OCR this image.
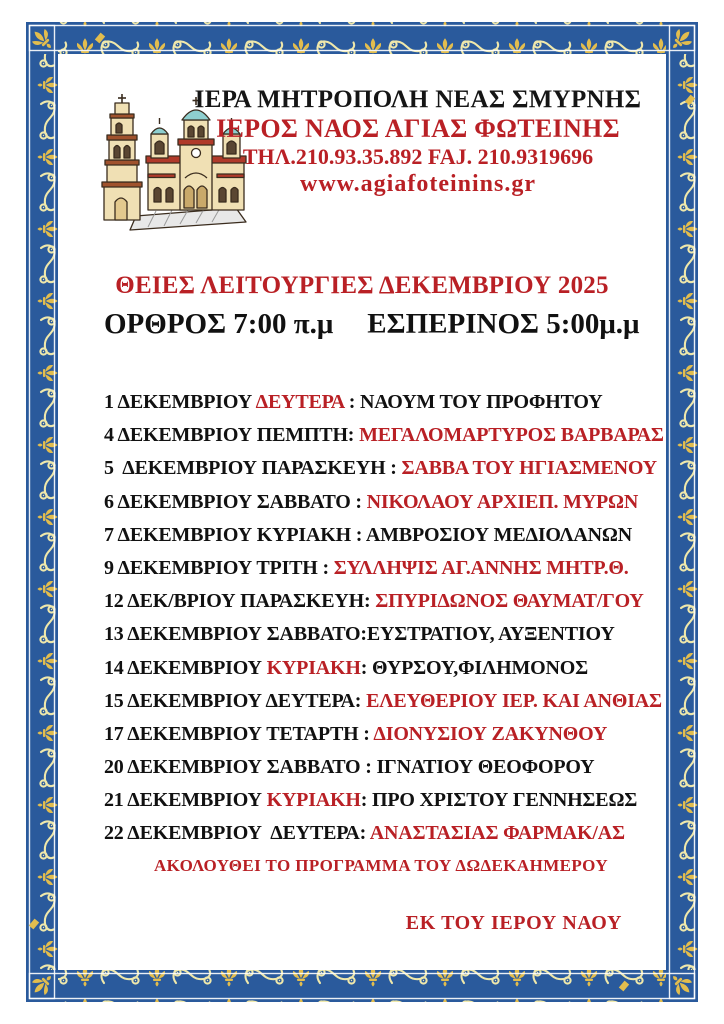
ΙΕΡΑ ΜΗΤΡΟΠΟΛΗ ΝΕΑΣ ΣΜΥΡΝΗΣ
ΙΕΡΟΣ ΝΑΟΣ ΑΓΙΑΣ ΦΩΤΕΙΝΗΣ
ΤΗΛ.210.93.35.892 FAJ. 210.9319696
www.agiafoteinins.gr
ΘΕΙΕΣ ΛΕΙΤΟΥΡΓΙΕΣ ΔΕΚΕΜΒΡΙΟΥ 2025
ΟΡΘΡΟΣ 7:00 π.μ ΕΣΠΕΡΙΝΟΣ 5:00μ.μ
1 ΔΕΚΕΜΒΡΙΟΥ ΔΕΥΤΕΡΑ : ΝΑΟΥΜ ΤΟΥ ΠΡΟΦΗΤΟΥ
4 ΔΕΚΕΜΒΡΙΟΥ ΠΕΜΠΤΗ: ΜΕΓΑΛΟΜΑΡΤΥΡΟΣ ΒΑΡΒΑΡΑΣ
5  ΔΕΚΕΜΒΡΙΟΥ ΠΑΡΑΣΚΕΥΗ : ΣΑΒΒΑ ΤΟΥ ΗΓΙΑΣΜΕΝΟΥ
6 ΔΕΚΕΜΒΡΙΟΥ ΣΑΒΒΑΤΟ : ΝΙΚΟΛΑΟΥ ΑΡΧΙΕΠ. ΜΥΡΩΝ
7 ΔΕΚΕΜΒΡΙΟΥ ΚΥΡΙΑΚΗ : ΑΜΒΡΟΣΙΟΥ ΜΕΔΙΟΛΑΝΩΝ
9 ΔΕΚΕΜΒΡΙΟΥ ΤΡΙΤΗ : ΣΥΛΛΗΨΙΣ ΑΓ.ΑΝΝΗΣ ΜΗΤΡ.Θ.
12 ΔΕΚ/ΒΡΙΟΥ ΠΑΡΑΣΚΕΥΗ: ΣΠΥΡΙΔΩΝΟΣ ΘΑΥΜΑΤ/ΓΟΥ
13 ΔΕΚΕΜΒΡΙΟΥ ΣΑΒΒΑΤΟ:ΕΥΣΤΡΑΤΙΟΥ, ΑΥΞΕΝΤΙΟΥ
14 ΔΕΚΕΜΒΡΙΟΥ ΚΥΡΙΑΚΗ: ΘΥΡΣΟΥ,ΦΙΛΗΜΟΝΟΣ
15 ΔΕΚΕΜΒΡΙΟΥ ΔΕΥΤΕΡΑ: ΕΛΕΥΘΕΡΙΟΥ ΙΕΡ. ΚΑΙ ΑΝΘΙΑΣ
17 ΔΕΚΕΜΒΡΙΟΥ ΤΕΤΑΡΤΗ : ΔΙΟΝΥΣΙΟΥ ΖΑΚΥΝΘΟΥ
20 ΔΕΚΕΜΒΡΙΟΥ ΣΑΒΒΑΤΟ : ΙΓΝΑΤΙΟΥ ΘΕΟΦΟΡΟΥ
21 ΔΕΚΕΜΒΡΙΟΥ ΚΥΡΙΑΚΗ: ΠΡΟ ΧΡΙΣΤΟΥ ΓΕΝΝΗΣΕΩΣ
22 ΔΕΚΕΜΒΡΙΟΥ  ΔΕΥΤΕΡΑ: ΑΝΑΣΤΑΣΙΑΣ ΦΑΡΜΑΚ/ΑΣ
ΑΚΟΛΟΥΘΕΙ ΤΟ ΠΡΟΓΡΑΜΜΑ ΤΟΥ ΔΩΔΕΚΑΗΜΕΡΟΥ
ΕΚ ΤΟΥ ΙΕΡΟΥ ΝΑΟΥ
